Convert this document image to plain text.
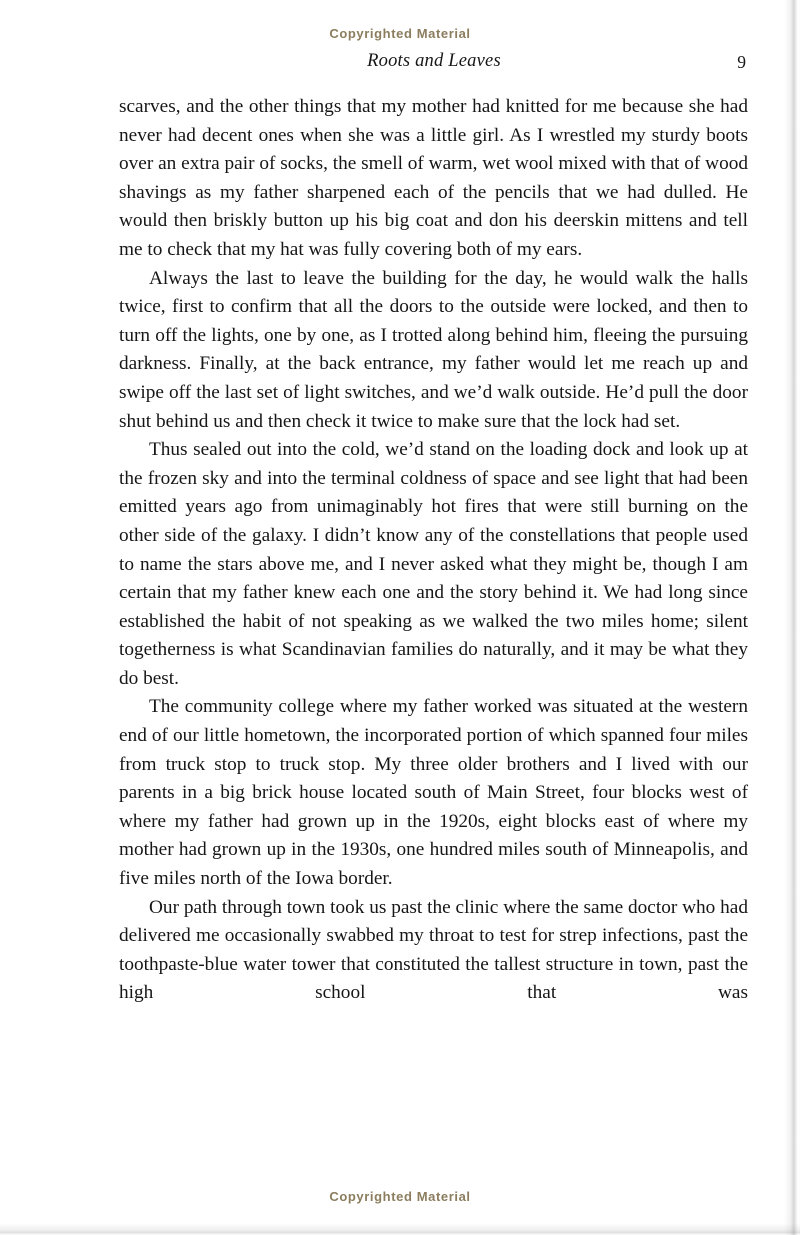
Copyrighted Material
Roots and Leaves	9

scarves, and the other things that my mother had knitted for me because she had never had decent ones when she was a little girl. As I wrestled my sturdy boots over an extra pair of socks, the smell of warm, wet wool mixed with that of wood shavings as my father sharpened each of the pencils that we had dulled. He would then briskly button up his big coat and don his deerskin mittens and tell me to check that my hat was fully covering both of my ears.

Always the last to leave the building for the day, he would walk the halls twice, first to confirm that all the doors to the outside were locked, and then to turn off the lights, one by one, as I trotted along behind him, fleeing the pursuing darkness. Finally, at the back entrance, my father would let me reach up and swipe off the last set of light switches, and we’d walk outside. He’d pull the door shut behind us and then check it twice to make sure that the lock had set.

Thus sealed out into the cold, we’d stand on the loading dock and look up at the frozen sky and into the terminal coldness of space and see light that had been emitted years ago from unimaginably hot fires that were still burning on the other side of the galaxy. I didn’t know any of the constellations that people used to name the stars above me, and I never asked what they might be, though I am certain that my father knew each one and the story behind it. We had long since established the habit of not speaking as we walked the two miles home; silent togetherness is what Scandinavian families do naturally, and it may be what they do best.

The community college where my father worked was situated at the western end of our little hometown, the incorporated portion of which spanned four miles from truck stop to truck stop. My three older brothers and I lived with our parents in a big brick house located south of Main Street, four blocks west of where my father had grown up in the 1920s, eight blocks east of where my mother had grown up in the 1930s, one hundred miles south of Minneapolis, and five miles north of the Iowa border.

Our path through town took us past the clinic where the same doctor who had delivered me occasionally swabbed my throat to test for strep infections, past the toothpaste-blue water tower that constituted the tallest structure in town, past the high school that was

Copyrighted Material
